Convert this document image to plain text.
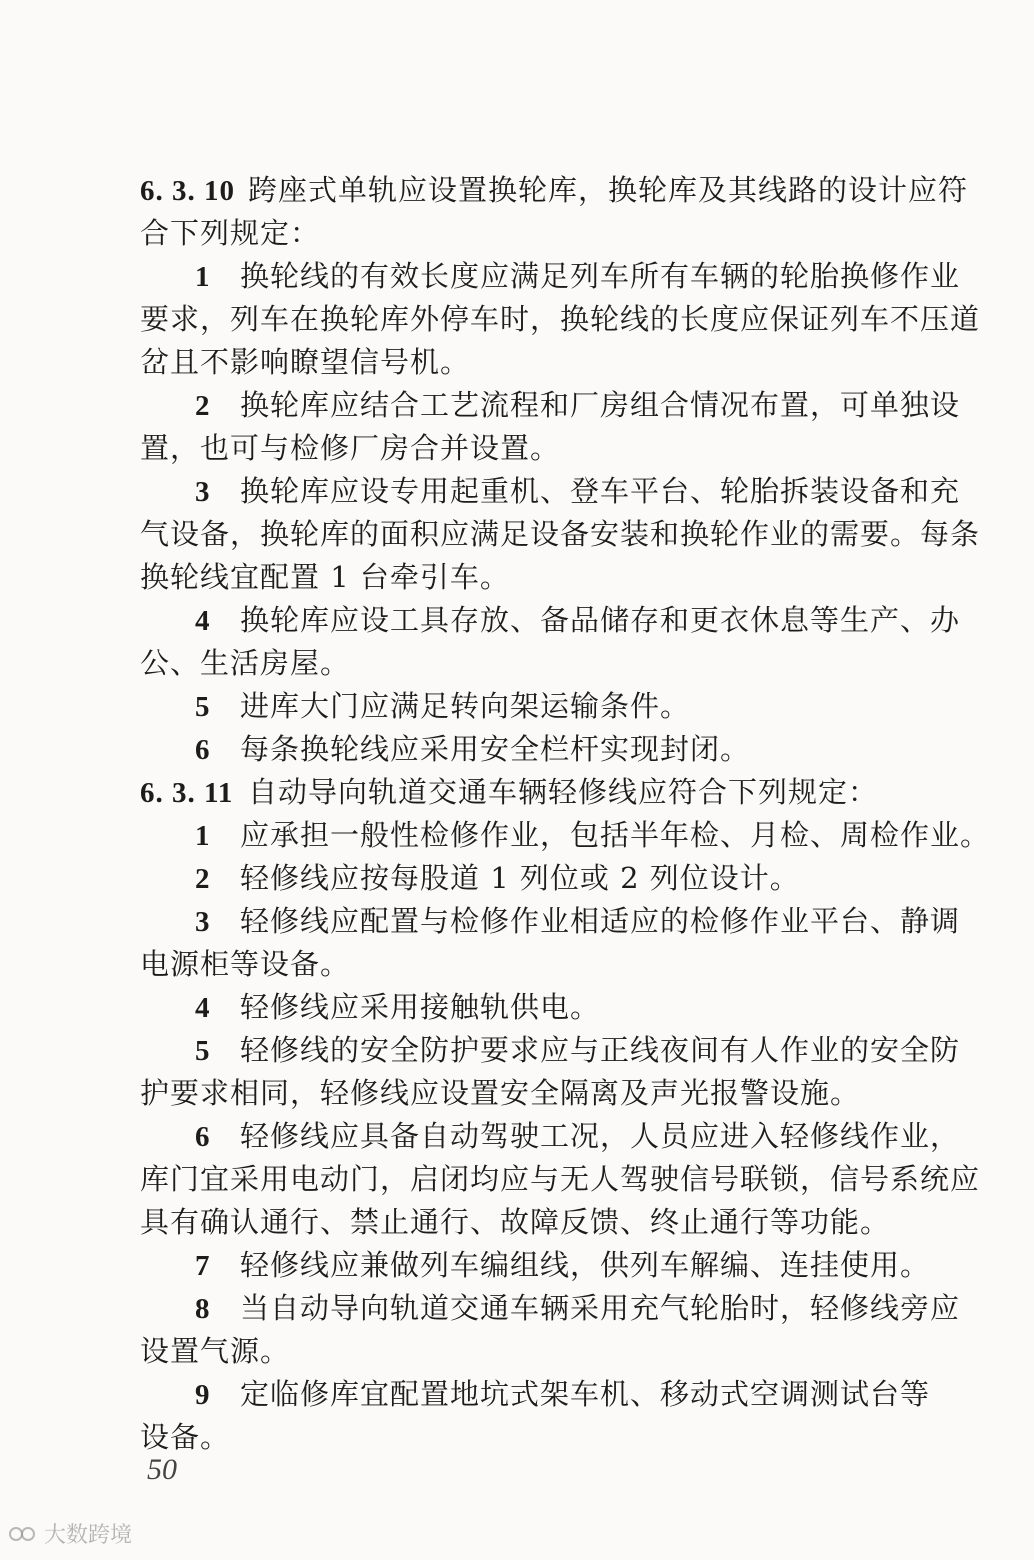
6. 3. 10 跨座式单轨应设置换轮库，换轮库及其线路的设计应符
合下列规定：
1 换轮线的有效长度应满足列车所有车辆的轮胎换修作业
要求，列车在换轮库外停车时，换轮线的长度应保证列车不压道
岔且不影响瞭望信号机。
2 换轮库应结合工艺流程和厂房组合情况布置，可单独设
置，也可与检修厂房合并设置。
3 换轮库应设专用起重机、登车平台、轮胎拆装设备和充
气设备，换轮库的面积应满足设备安装和换轮作业的需要。每条
换轮线宜配置 1 台牵引车。
4 换轮库应设工具存放、备品储存和更衣休息等生产、办
公、生活房屋。
5 进库大门应满足转向架运输条件。
6 每条换轮线应采用安全栏杆实现封闭。
6. 3. 11 自动导向轨道交通车辆轻修线应符合下列规定：
1 应承担一般性检修作业，包括半年检、月检、周检作业。
2 轻修线应按每股道 1 列位或 2 列位设计。
3 轻修线应配置与检修作业相适应的检修作业平台、静调
电源柜等设备。
4 轻修线应采用接触轨供电。
5 轻修线的安全防护要求应与正线夜间有人作业的安全防
护要求相同，轻修线应设置安全隔离及声光报警设施。
6 轻修线应具备自动驾驶工况，人员应进入轻修线作业，
库门宜采用电动门，启闭均应与无人驾驶信号联锁，信号系统应
具有确认通行、禁止通行、故障反馈、终止通行等功能。
7 轻修线应兼做列车编组线，供列车解编、连挂使用。
8 当自动导向轨道交通车辆采用充气轮胎时，轻修线旁应
设置气源。
9 定临修库宜配置地坑式架车机、移动式空调测试台等
设备。
50
大数跨境
